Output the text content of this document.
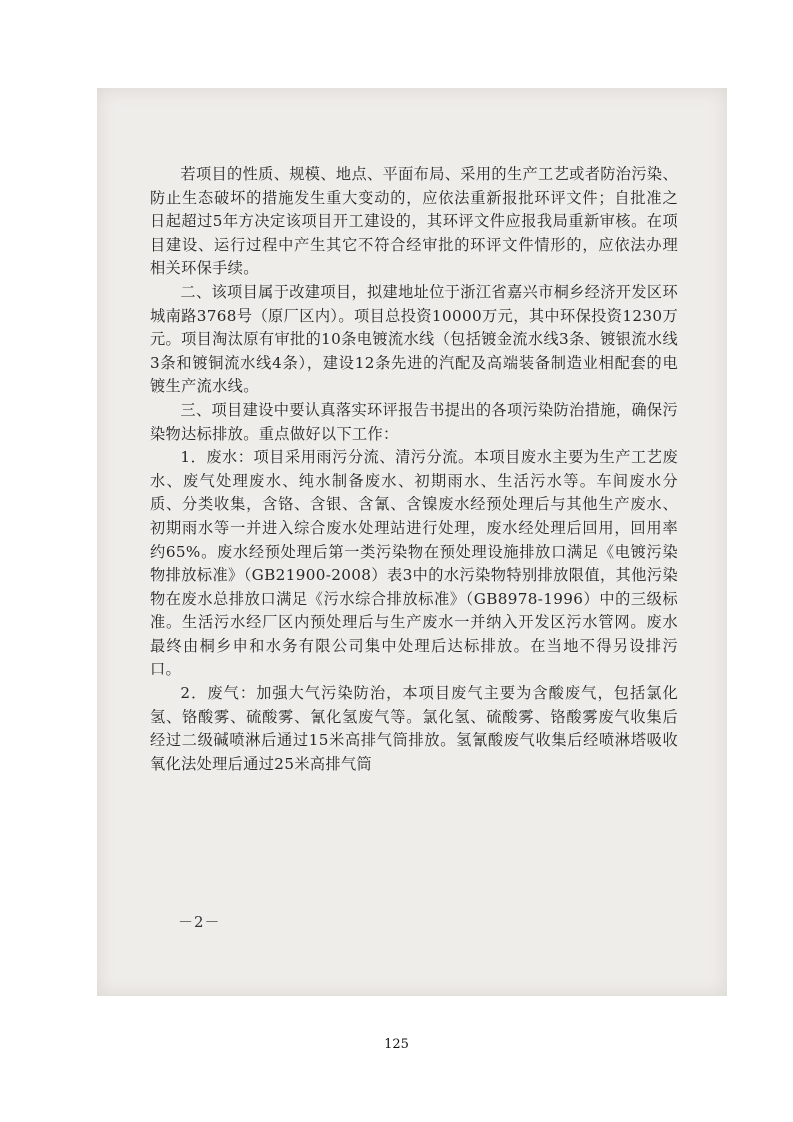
若项目的性质、规模、地点、平面布局、采用的生产工艺或者防治污染、防止生态破坏的措施发生重大变动的，应依法重新报批环评文件；自批准之日起超过5年方决定该项目开工建设的，其环评文件应报我局重新审核。在项目建设、运行过程中产生其它不符合经审批的环评文件情形的，应依法办理相关环保手续。

二、该项目属于改建项目，拟建地址位于浙江省嘉兴市桐乡经济开发区环城南路3768号（原厂区内）。项目总投资10000万元，其中环保投资1230万元。项目淘汰原有审批的10条电镀流水线（包括镀金流水线3条、镀银流水线3条和镀铜流水线4条），建设12条先进的汽配及高端装备制造业相配套的电镀生产流水线。

三、项目建设中要认真落实环评报告书提出的各项污染防治措施，确保污染物达标排放。重点做好以下工作：

1．废水：项目采用雨污分流、清污分流。本项目废水主要为生产工艺废水、废气处理废水、纯水制备废水、初期雨水、生活污水等。车间废水分质、分类收集，含铬、含银、含氰、含镍废水经预处理后与其他生产废水、初期雨水等一并进入综合废水处理站进行处理，废水经处理后回用，回用率约65%。废水经预处理后第一类污染物在预处理设施排放口满足《电镀污染物排放标准》（GB21900-2008）表3中的水污染物特别排放限值，其他污染物在废水总排放口满足《污水综合排放标准》（GB8978-1996）中的三级标准。生活污水经厂区内预处理后与生产废水一并纳入开发区污水管网。废水最终由桐乡申和水务有限公司集中处理后达标排放。在当地不得另设排污口。

2．废气：加强大气污染防治，本项目废气主要为含酸废气，包括氯化氢、铬酸雾、硫酸雾、氰化氢废气等。氯化氢、硫酸雾、铬酸雾废气收集后经过二级碱喷淋后通过15米高排气筒排放。氢氰酸废气收集后经喷淋塔吸收氧化法处理后通过25米高排气筒

－2－
125
